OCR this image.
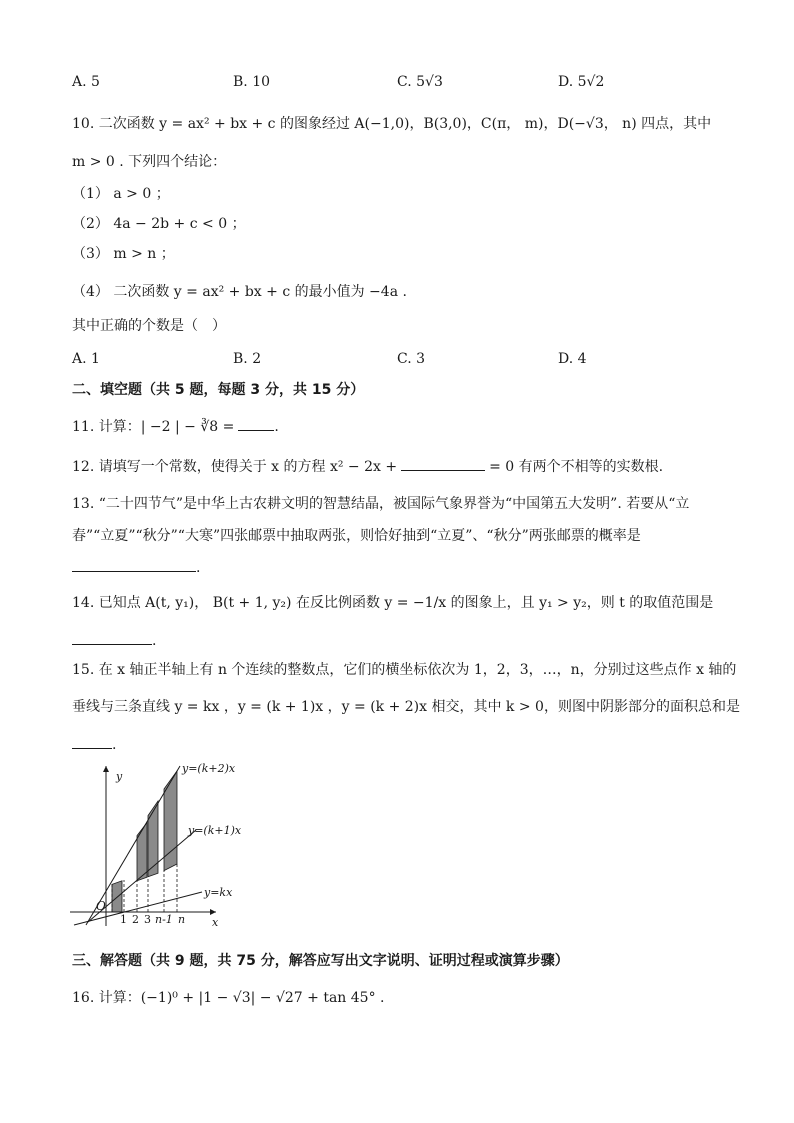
A. 5	B. 10	C. 5√3	D. 5√2
10. 二次函数 y = ax² + bx + c 的图象经过 A(−1,0)，B(3,0)，C(π， m)，D(−√3， n) 四点，其中
m > 0 . 下列四个结论：
（1） a > 0 ；
（2） 4a − 2b + c < 0 ；
（3） m > n ；
（4） 二次函数 y = ax² + bx + c 的最小值为 −4a .
其中正确的个数是（　）
A. 1	B. 2	C. 3	D. 4
二、填空题（共 5 题，每题 3 分，共 15 分）
11. 计算：| −2 | − ∛8 =	.
12. 请填写一个常数，使得关于 x 的方程 x² − 2x +	= 0 有两个不相等的实数根.
13. “二十四节气”是中华上古农耕文明的智慧结晶，被国际气象界誉为“中国第五大发明”. 若要从“立
春”“立夏”“秋分”“大寒”四张邮票中抽取两张，则恰好抽到“立夏”、“秋分”两张邮票的概率是
.
14. 已知点 A(t, y₁)， B(t + 1, y₂) 在反比例函数 y = −1/x 的图象上，且 y₁ > y₂，则 t 的取值范围是
.
15. 在 x 轴正半轴上有 n 个连续的整数点，它们的横坐标依次为 1，2，3，…，n，分别过这些点作 x 轴的
垂线与三条直线 y = kx ，y = (k + 1)x ，y = (k + 2)x 相交，其中 k > 0，则图中阴影部分的面积总和是
.
y=(k+2)x
y=(k+1)x
y=kx
y
x
O
1 2 3 n-1 n
三、解答题（共 9 题，共 75 分，解答应写出文字说明、证明过程或演算步骤）
16. 计算：(−1)⁰ + |1 − √3| − √27 + tan 45° .
